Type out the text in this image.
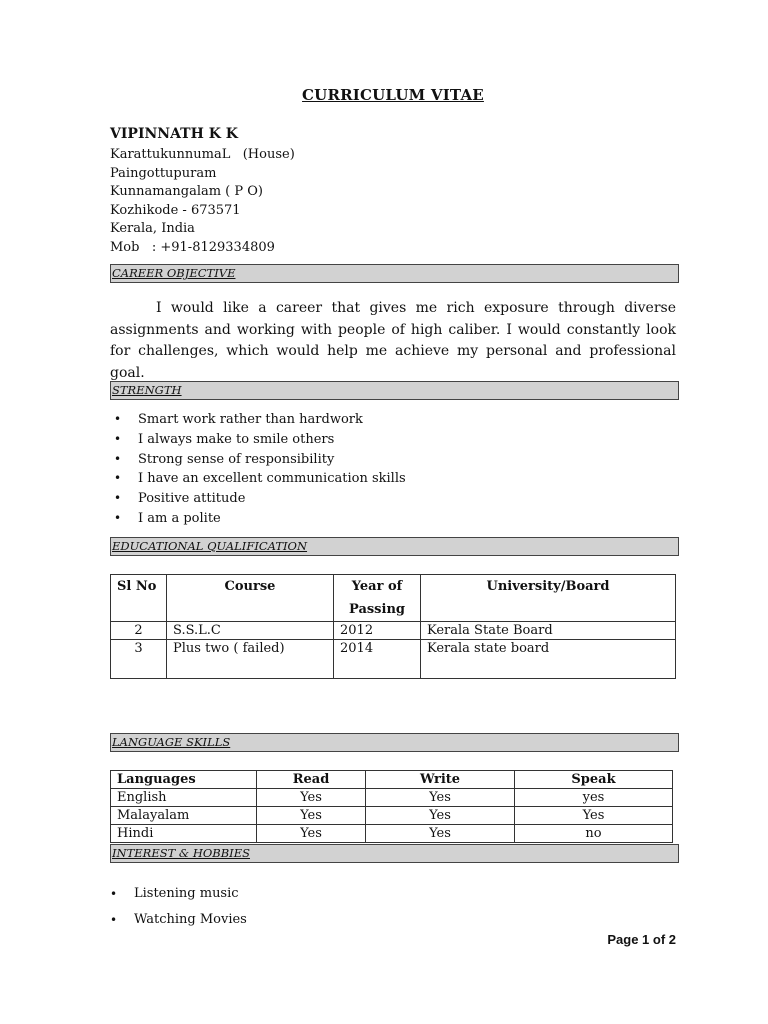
CURRICULUM VITAE
VIPINNATH K K
KarattukunnumaL   (House)
Paingottupuram
Kunnamangalam ( P O)
Kozhikode - 673571
Kerala, India
Mob   : +91-8129334809
CAREER OBJECTIVE
I would like a career that gives me rich exposure through diverse assignments and working with people of high caliber. I would constantly look for challenges, which would help me achieve my personal and professional goal.
STRENGTH
• Smart work rather than hardwork
• I always make to smile others
• Strong sense of responsibility
• I have an excellent communication skills
• Positive attitude
• I am a polite
EDUCATIONAL QUALIFICATION
Sl No	Course	Year of Passing	University/Board
2	S.S.L.C	2012	Kerala State Board
3	Plus two ( failed)	2014	Kerala state board
LANGUAGE SKILLS
Languages	Read	Write	Speak
English	Yes	Yes	yes
Malayalam	Yes	Yes	Yes
Hindi	Yes	Yes	no
INTEREST & HOBBIES
• Listening music
• Watching Movies
Page 1 of 2
